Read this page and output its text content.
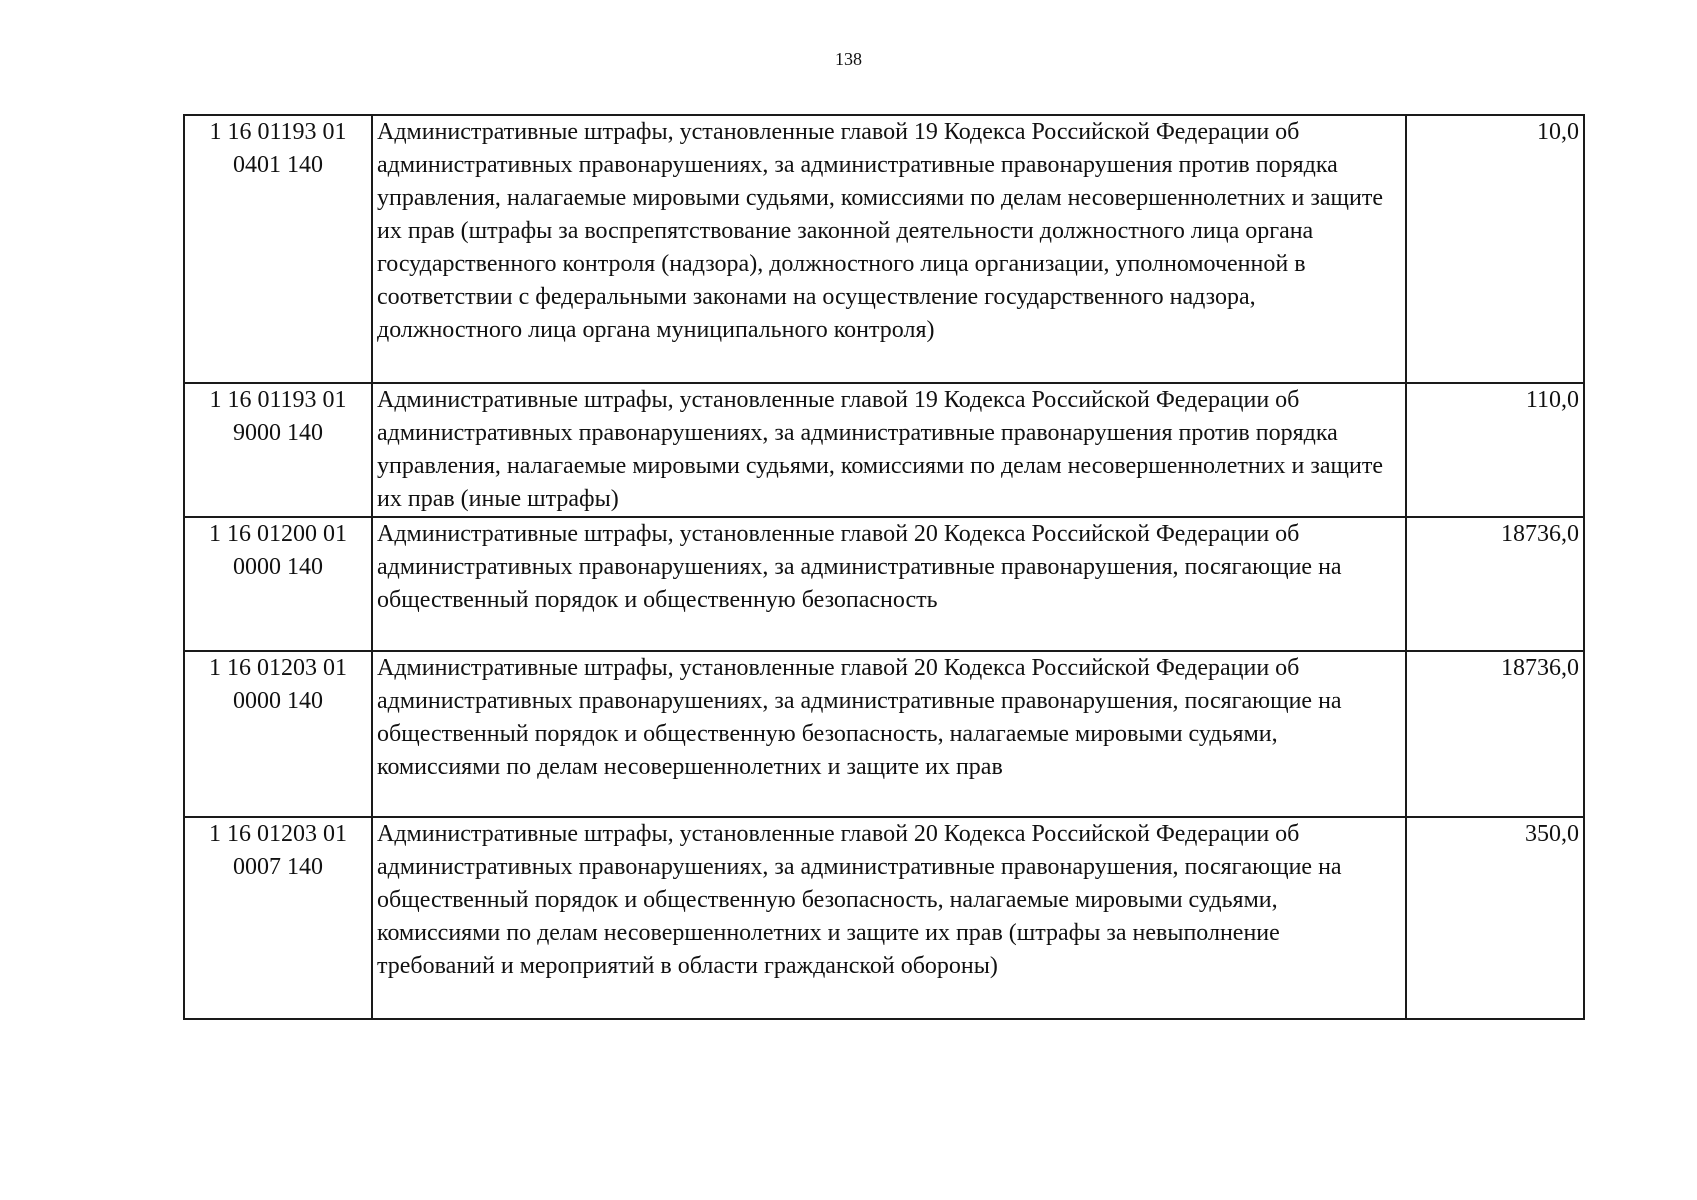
138
1 16 01193 01 0401 140	Административные штрафы, установленные главой 19 Кодекса Российской Федерации об административных правонарушениях, за административные правонарушения против порядка управления, налагаемые мировыми судьями, комиссиями по делам несовершеннолетних и защите их прав (штрафы за воспрепятствование законной деятельности должностного лица органа государственного контроля (надзора), должностного лица организации, уполномоченной в соответствии с федеральными законами на осуществление государственного надзора, должностного лица органа муниципального контроля)	10,0
1 16 01193 01 9000 140	Административные штрафы, установленные главой 19 Кодекса Российской Федерации об административных правонарушениях, за административные правонарушения против порядка управления, налагаемые мировыми судьями, комиссиями по делам несовершеннолетних и защите их прав (иные штрафы)	110,0
1 16 01200 01 0000 140	Административные штрафы, установленные главой 20 Кодекса Российской Федерации об административных правонарушениях, за административные правонарушения, посягающие на общественный порядок и общественную безопасность	18736,0
1 16 01203 01 0000 140	Административные штрафы, установленные главой 20 Кодекса Российской Федерации об административных правонарушениях, за административные правонарушения, посягающие на общественный порядок и общественную безопасность, налагаемые мировыми судьями, комиссиями по делам несовершеннолетних и защите их прав	18736,0
1 16 01203 01 0007 140	Административные штрафы, установленные главой 20 Кодекса Российской Федерации об административных правонарушениях, за административные правонарушения, посягающие на общественный порядок и общественную безопасность, налагаемые мировыми судьями, комиссиями по делам несовершеннолетних и защите их прав (штрафы за невыполнение требований и мероприятий в области гражданской обороны)	350,0
